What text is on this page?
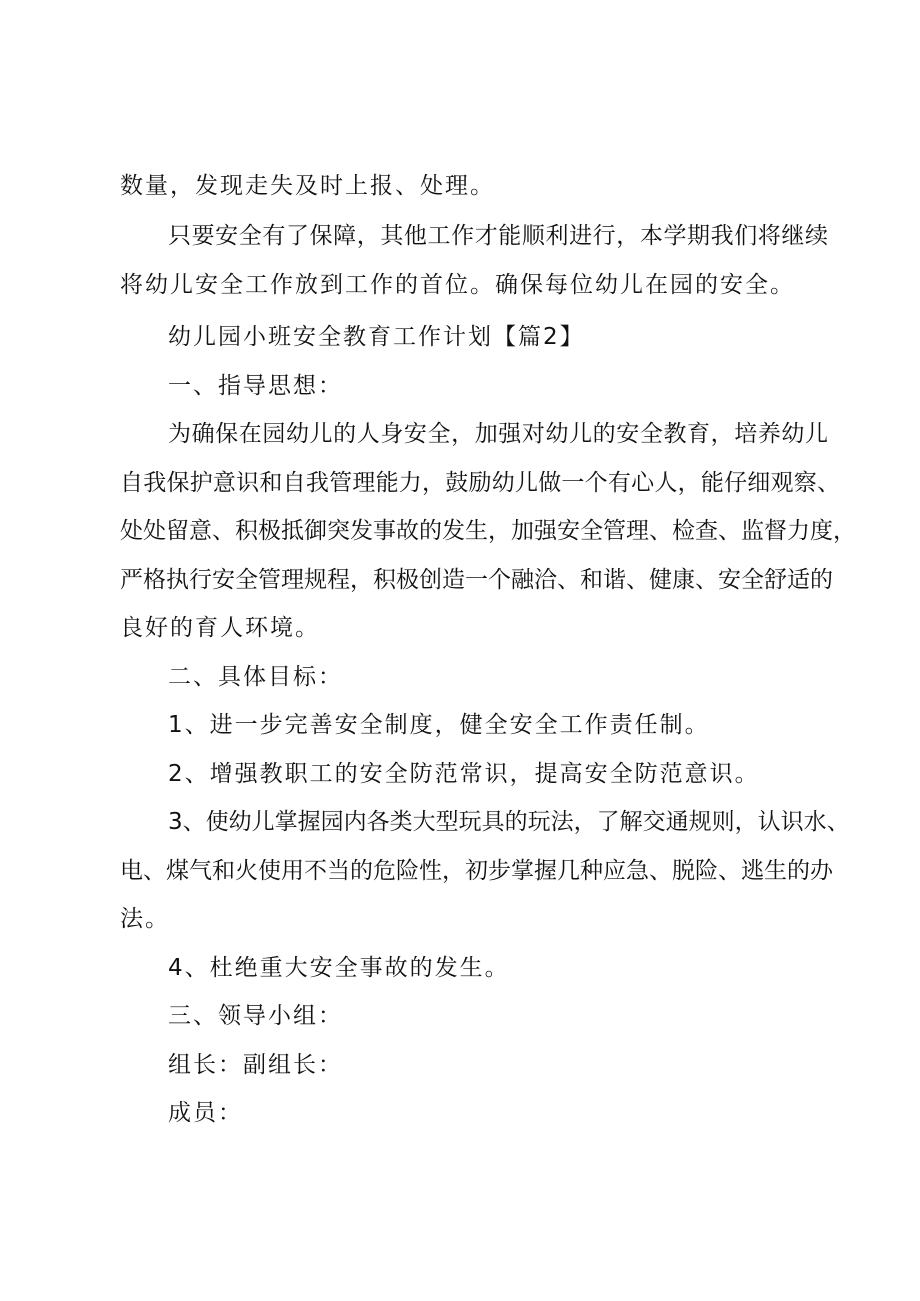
数量，发现走失及时上报、处理。

只要安全有了保障，其他工作才能顺利进行，本学期我们将继续

将幼儿安全工作放到工作的首位。确保每位幼儿在园的安全。

幼儿园小班安全教育工作计划【篇2】

一、指导思想：

为确保在园幼儿的人身安全，加强对幼儿的安全教育，培养幼儿

自我保护意识和自我管理能力，鼓励幼儿做一个有心人，能仔细观察、

处处留意、积极抵御突发事故的发生，加强安全管理、检查、监督力度，

严格执行安全管理规程，积极创造一个融洽、和谐、健康、安全舒适的

良好的育人环境。

二、具体目标：

1、进一步完善安全制度，健全安全工作责任制。

2、增强教职工的安全防范常识，提高安全防范意识。

3、使幼儿掌握园内各类大型玩具的玩法，了解交通规则，认识水、

电、煤气和火使用不当的危险性，初步掌握几种应急、脱险、逃生的办

法。

4、杜绝重大安全事故的发生。

三、领导小组：

组长：副组长：

成员：
